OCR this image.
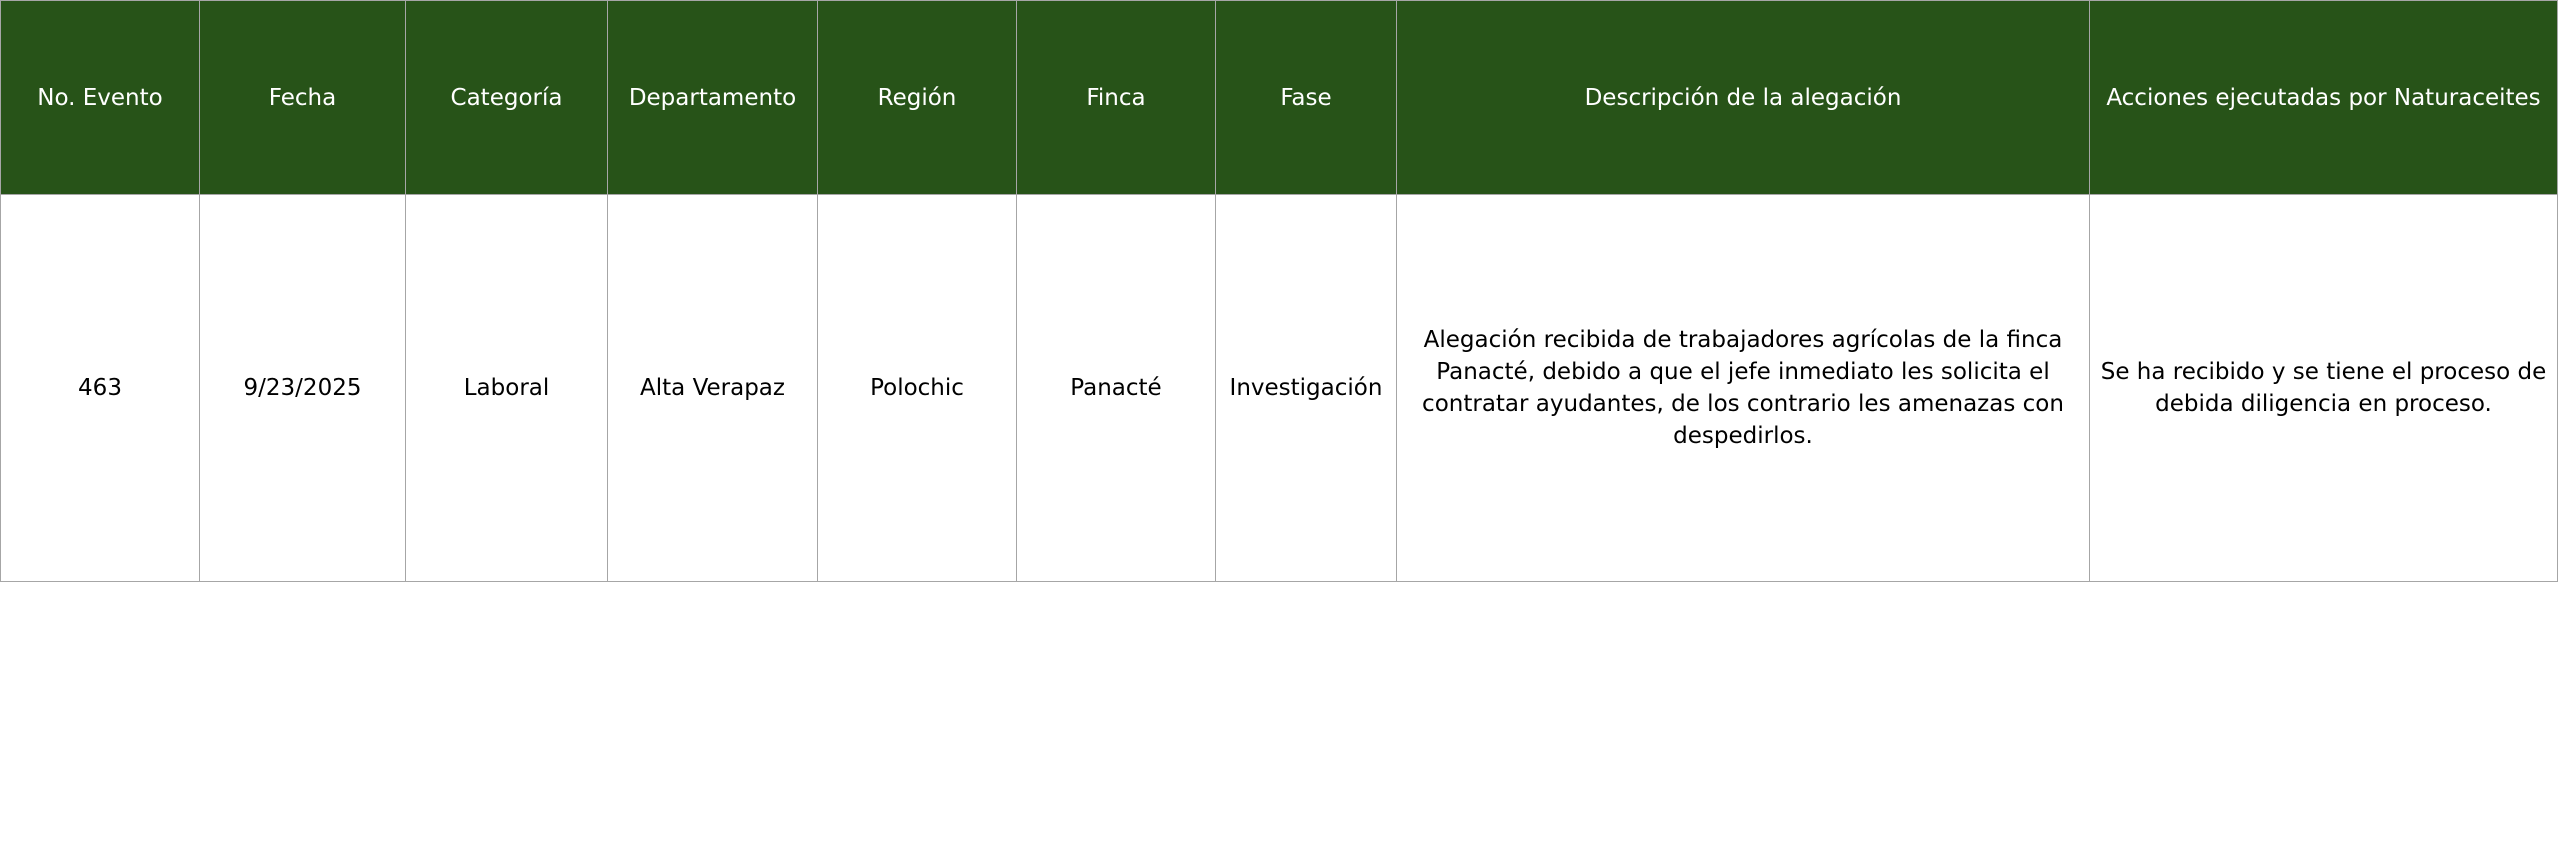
No. Evento	Fecha	Categoría	Departamento	Región	Finca	Fase	Descripción de la alegación	Acciones ejecutadas por Naturaceites
463	9/23/2025	Laboral	Alta Verapaz	Polochic	Panacté	Investigación	Alegación recibida de trabajadores agrícolas de la finca Panacté, debido a que el jefe inmediato les solicita el contratar ayudantes, de los contrario les amenazas con despedirlos.	Se ha recibido y se tiene el proceso de debida diligencia en proceso.
